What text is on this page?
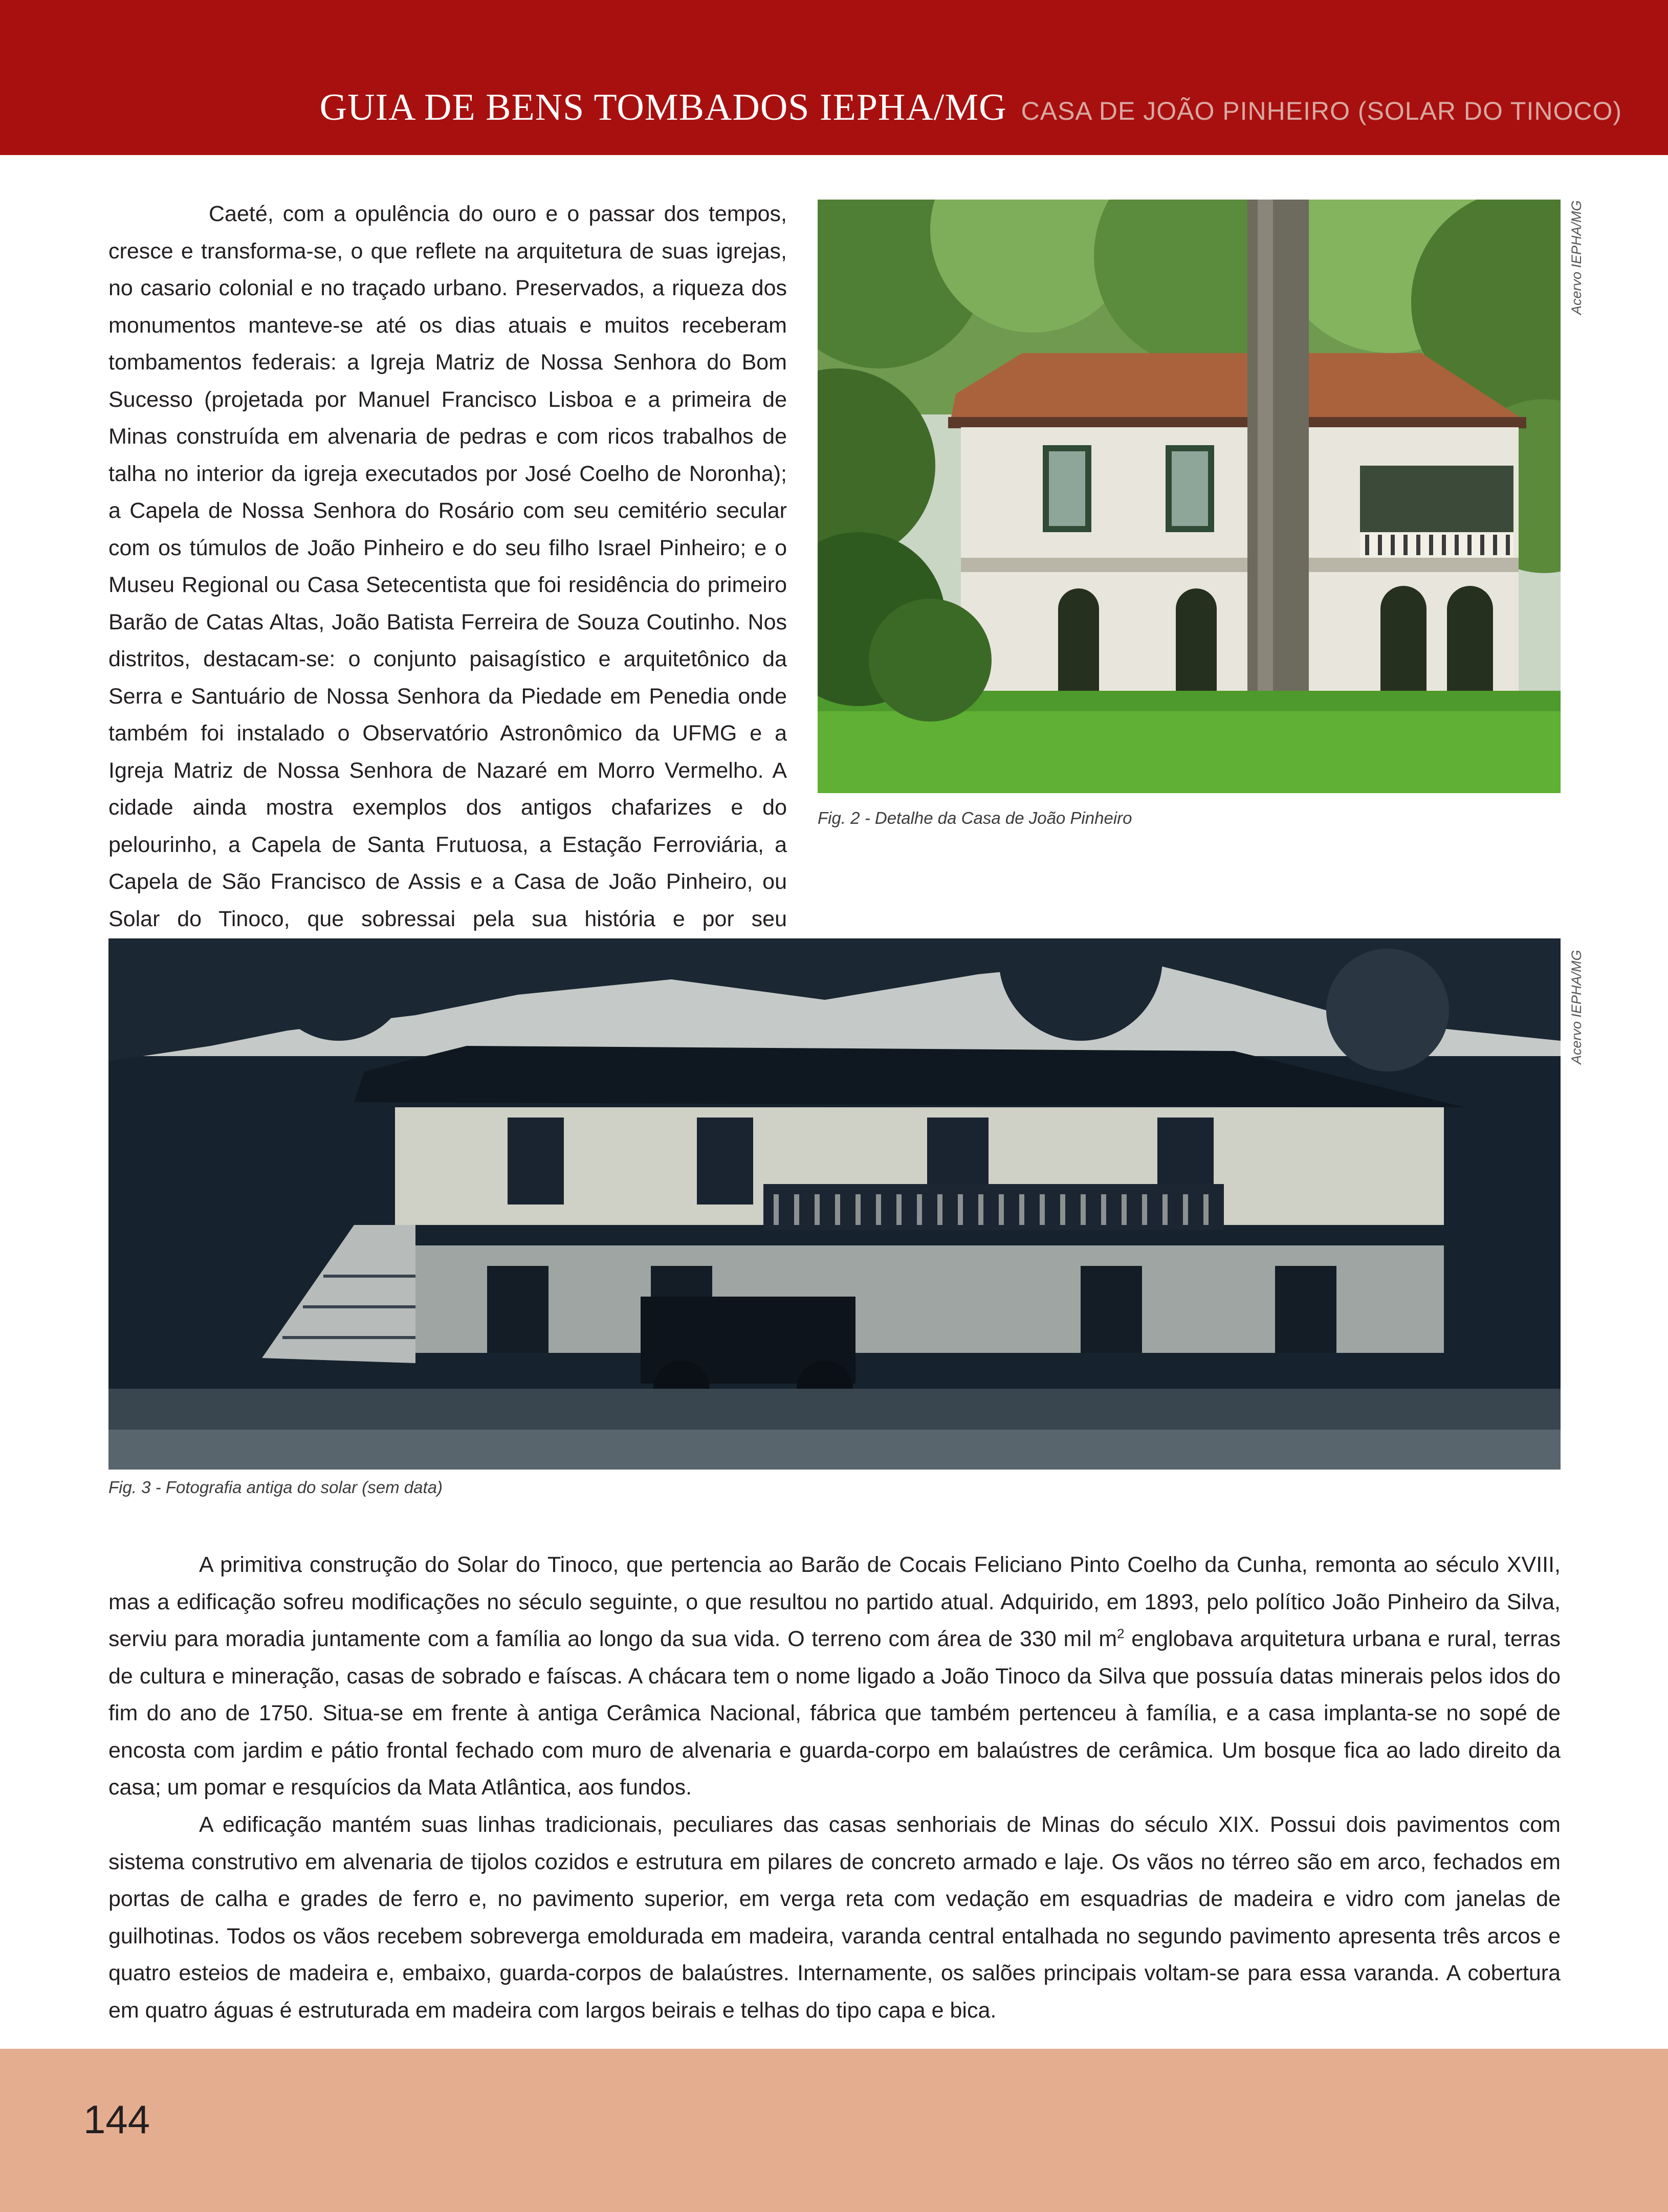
GUIA DE BENS TOMBADOS IEPHA/MG CASA DE JOÃO PINHEIRO (SOLAR DO TINOCO)

Caeté, com a opulência do ouro e o passar dos tempos, cresce e transforma-se, o que reflete na arquitetura de suas igrejas, no casario colonial e no traçado urbano. Preservados, a riqueza dos monumentos manteve-se até os dias atuais e muitos receberam tombamentos federais: a Igreja Matriz de Nossa Senhora do Bom Sucesso (projetada por Manuel Francisco Lisboa e a primeira de Minas construída em alvenaria de pedras e com ricos trabalhos de talha no interior da igreja executados por José Coelho de Noronha); a Capela de Nossa Senhora do Rosário com seu cemitério secular com os túmulos de João Pinheiro e do seu filho Israel Pinheiro; e o Museu Regional ou Casa Setecentista que foi residência do primeiro Barão de Catas Altas, João Batista Ferreira de Souza Coutinho. Nos distritos, destacam-se: o conjunto paisagístico e arquitetônico da Serra e Santuário de Nossa Senhora da Piedade em Penedia onde também foi instalado o Observatório Astronômico da UFMG e a Igreja Matriz de Nossa Senhora de Nazaré em Morro Vermelho. A cidade ainda mostra exemplos dos antigos chafarizes e do pelourinho, a Capela de Santa Frutuosa, a Estação Ferroviária, a Capela de São Francisco de Assis e a Casa de João Pinheiro, ou Solar do Tinoco, que sobressai pela sua história e por seu

Acervo IEPHA/MG
Fig. 2 - Detalhe da Casa de João Pinheiro
Acervo IEPHA/MG
Fig. 3 - Fotografia antiga do solar (sem data)

A primitiva construção do Solar do Tinoco, que pertencia ao Barão de Cocais Feliciano Pinto Coelho da Cunha, remonta ao século XVIII, mas a edificação sofreu modificações no século seguinte, o que resultou no partido atual. Adquirido, em 1893, pelo político João Pinheiro da Silva, serviu para moradia juntamente com a família ao longo da sua vida. O terreno com área de 330 mil $m^2$ englobava arquitetura urbana e rural, terras de cultura e mineração, casas de sobrado e faíscas. A chácara tem o nome ligado a João Tinoco da Silva que possuía datas minerais pelos idos do fim do ano de 1750. Situa-se em frente à antiga Cerâmica Nacional, fábrica que também pertenceu à família, e a casa implanta-se no sopé de encosta com jardim e pátio frontal fechado com muro de alvenaria e guarda-corpo em balaústres de cerâmica. Um bosque fica ao lado direito da casa; um pomar e resquícios da Mata Atlântica, aos fundos.

A edificação mantém suas linhas tradicionais, peculiares das casas senhoriais de Minas do século XIX. Possui dois pavimentos com sistema construtivo em alvenaria de tijolos cozidos e estrutura em pilares de concreto armado e laje. Os vãos no térreo são em arco, fechados em portas de calha e grades de ferro e, no pavimento superior, em verga reta com vedação em esquadrias de madeira e vidro com janelas de guilhotinas. Todos os vãos recebem sobreverga emoldurada em madeira, varanda central entalhada no segundo pavimento apresenta três arcos e quatro esteios de madeira e, embaixo, guarda-corpos de balaústres. Internamente, os salões principais voltam-se para essa varanda. A cobertura em quatro águas é estruturada em madeira com largos beirais e telhas do tipo capa e bica.

144
